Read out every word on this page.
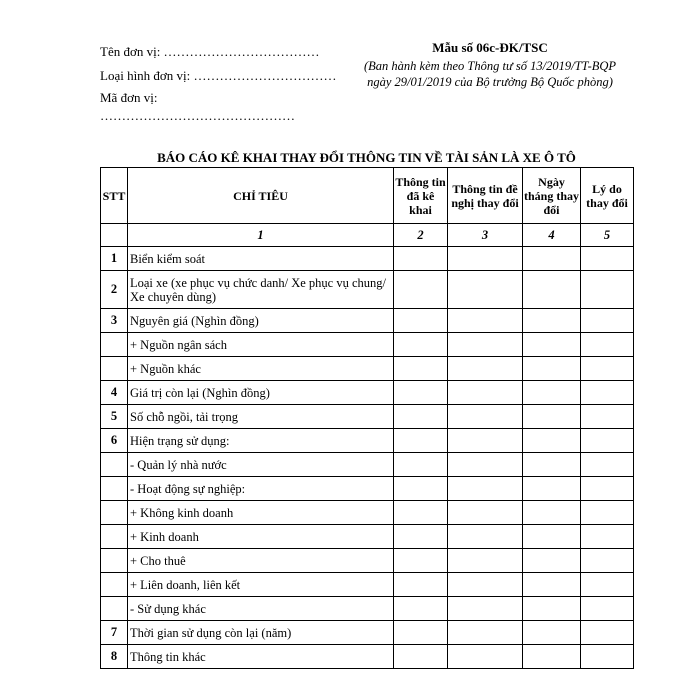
Tên đơn vị: ………………………………
Loại hình đơn vị: ……………………………
Mã đơn vị:
………………………………………
Mẫu số 06c-ĐK/TSC
(Ban hành kèm theo Thông tư số 13/2019/TT-BQP
ngày 29/01/2019 của Bộ trưởng Bộ Quốc phòng)
BÁO CÁO KÊ KHAI THAY ĐỔI THÔNG TIN VỀ TÀI SẢN LÀ XE Ô TÔ
STT	CHỈ TIÊU	Thông tin đã kê khai	Thông tin đề nghị thay đổi	Ngày tháng thay đổi	Lý do thay đổi
	1	2	3	4	5
1	Biển kiểm soát				
2	Loại xe (xe phục vụ chức danh/ Xe phục vụ chung/ Xe chuyên dùng)				
3	Nguyên giá (Nghìn đồng)				
	+ Nguồn ngân sách				
	+ Nguồn khác				
4	Giá trị còn lại (Nghìn đồng)				
5	Số chỗ ngồi, tải trọng				
6	Hiện trạng sử dụng:				
	- Quản lý nhà nước				
	- Hoạt động sự nghiệp:				
	+ Không kinh doanh				
	+ Kinh doanh				
	+ Cho thuê				
	+ Liên doanh, liên kết				
	- Sử dụng khác				
7	Thời gian sử dụng còn lại (năm)				
8	Thông tin khác				
